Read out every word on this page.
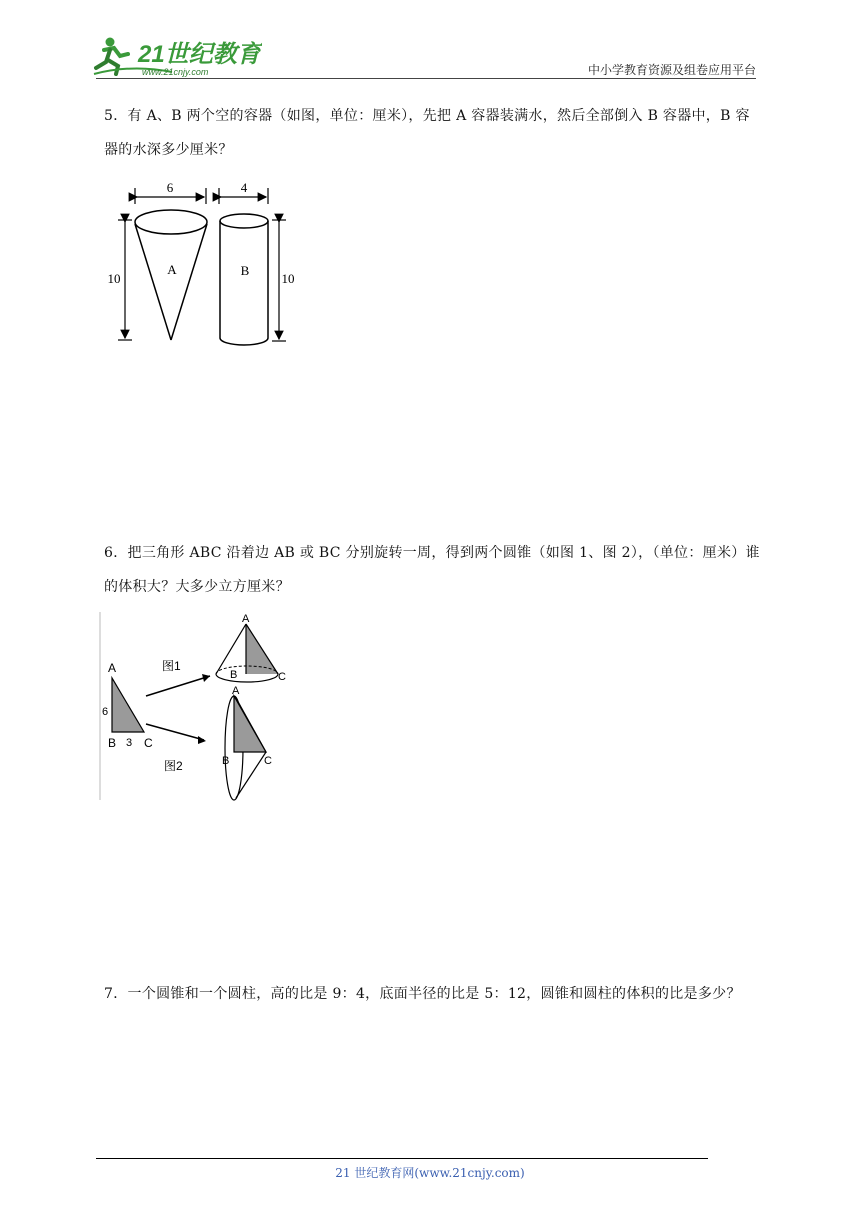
21世纪教育
www.21cnjy.com	中小学教育资源及组卷应用平台
5．有 A、B 两个空的容器（如图，单位：厘米），先把 A 容器装满水，然后全部倒入 B 容器中，B 容器的水深多少厘米？
6	4
A
10
B
10
6．把三角形 ABC 沿着边 AB 或 BC 分别旋转一周，得到两个圆锥（如图 1、图 2），（单位：厘米）谁的体积大？大多少立方厘米？
A
6
B 3 C
图1
图2
A
B	C
A
B	C
7．一个圆锥和一个圆柱，高的比是 9：4，底面半径的比是 5：12，圆锥和圆柱的体积的比是多少？
21 世纪教育网(www.21cnjy.com)
